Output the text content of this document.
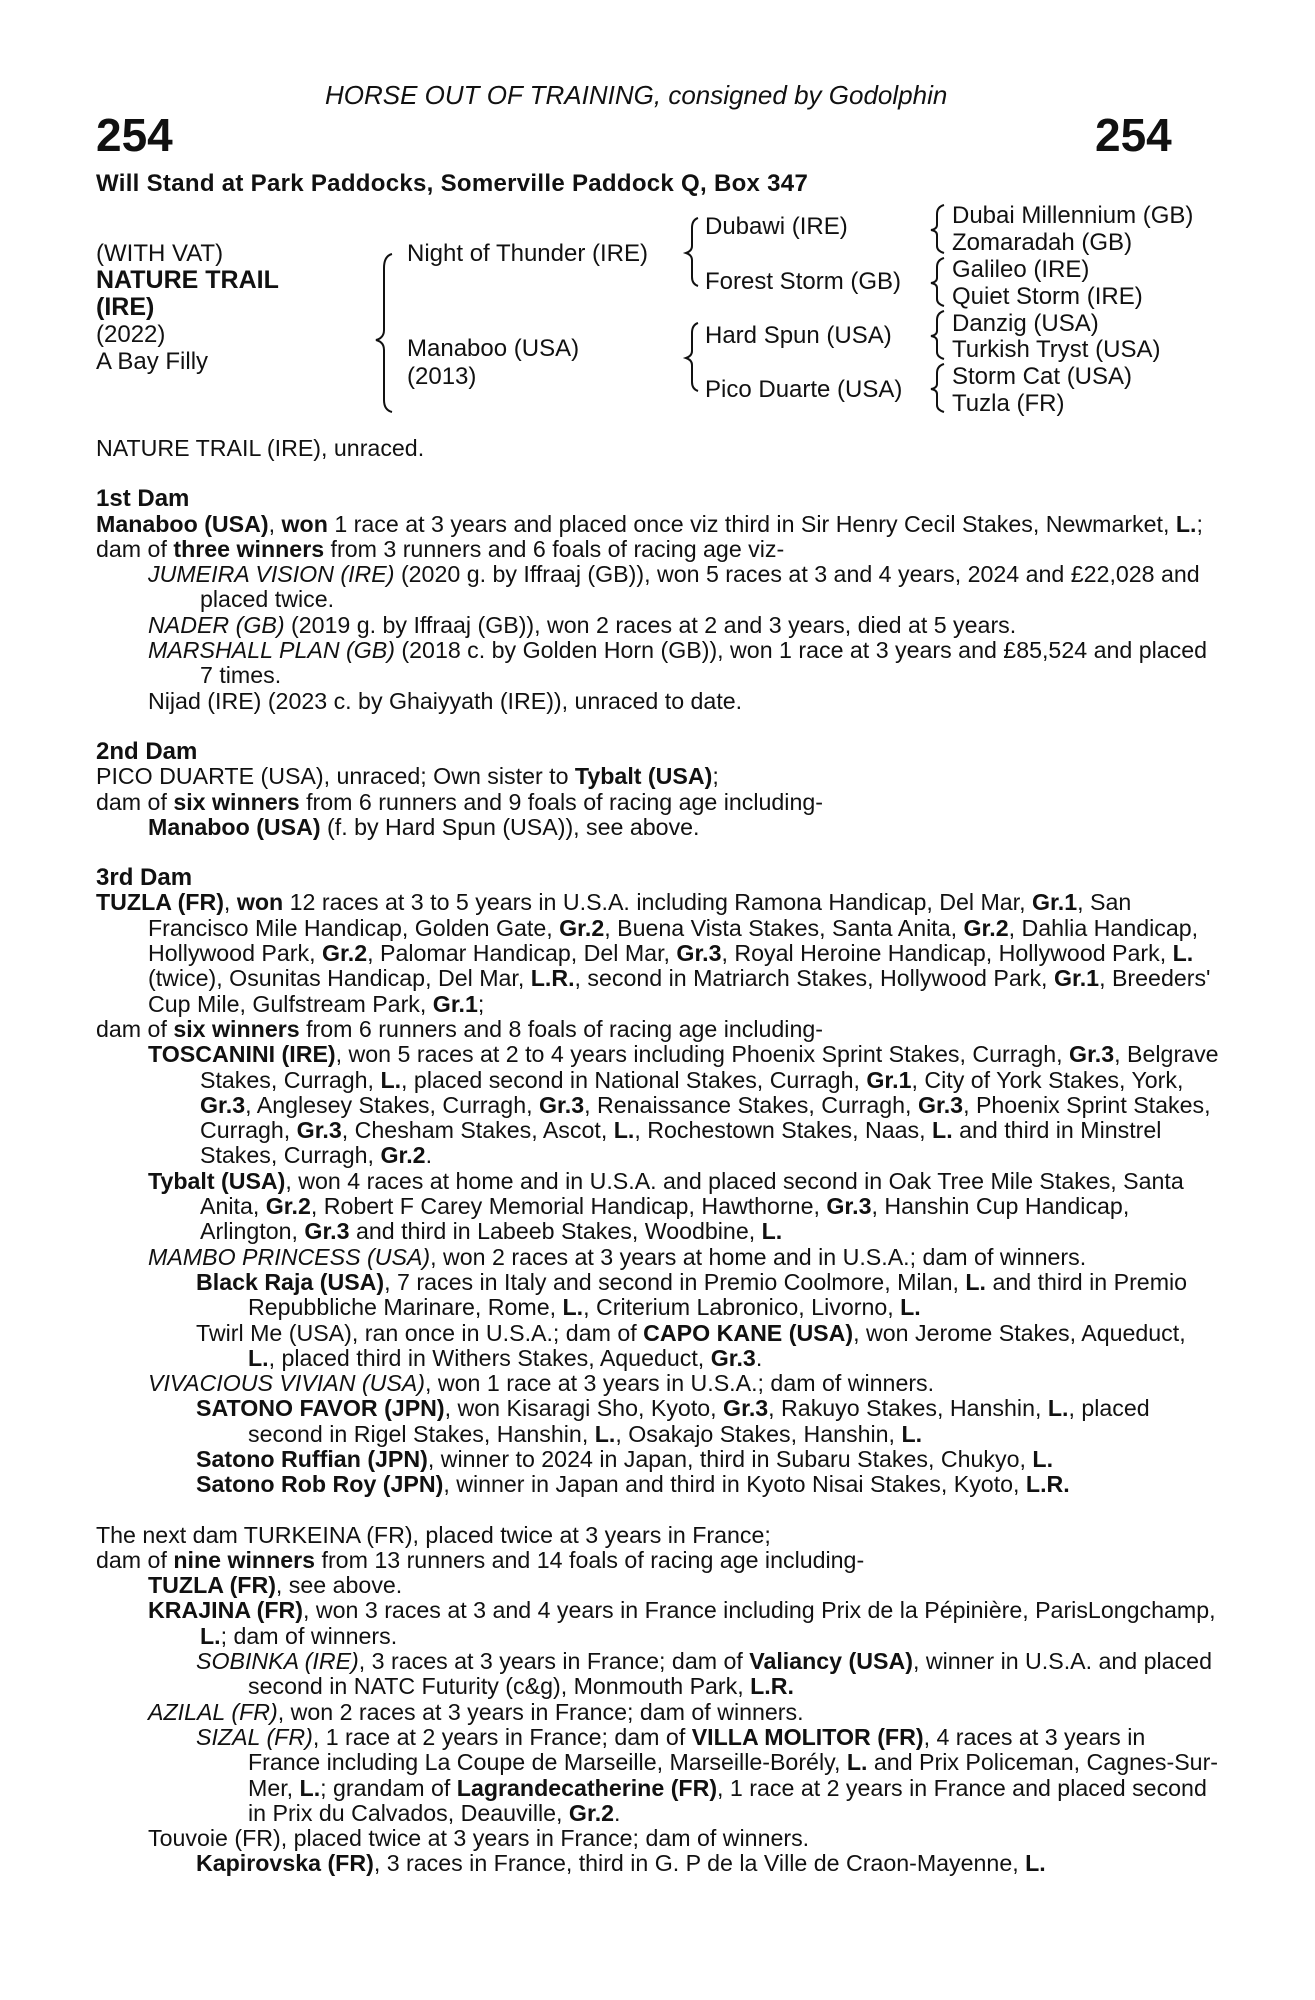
HORSE OUT OF TRAINING, consigned by Godolphin
254	254
Will Stand at Park Paddocks, Somerville Paddock Q, Box 347
(WITH VAT)
NATURE TRAIL
(IRE)
(2022)
A Bay Filly
Night of Thunder (IRE)
Manaboo (USA)
(2013)
Dubawi (IRE)
Forest Storm (GB)
Hard Spun (USA)
Pico Duarte (USA)
Dubai Millennium (GB)
Zomaradah (GB)
Galileo (IRE)
Quiet Storm (IRE)
Danzig (USA)
Turkish Tryst (USA)
Storm Cat (USA)
Tuzla (FR)

NATURE TRAIL (IRE), unraced.

1st Dam

Manaboo (USA), won 1 race at 3 years and placed once viz third in Sir Henry Cecil Stakes, Newmarket, L.;

dam of three winners from 3 runners and 6 foals of racing age viz-

JUMEIRA VISION (IRE) (2020 g. by Iffraaj (GB)), won 5 races at 3 and 4 years, 2024 and £22,028 and placed twice.

NADER (GB) (2019 g. by Iffraaj (GB)), won 2 races at 2 and 3 years, died at 5 years.

MARSHALL PLAN (GB) (2018 c. by Golden Horn (GB)), won 1 race at 3 years and £85,524 and placed 7 times.

Nijad (IRE) (2023 c. by Ghaiyyath (IRE)), unraced to date.

2nd Dam

PICO DUARTE (USA), unraced; Own sister to Tybalt (USA);

dam of six winners from 6 runners and 9 foals of racing age including-

Manaboo (USA) (f. by Hard Spun (USA)), see above.

3rd Dam

TUZLA (FR), won 12 races at 3 to 5 years in U.S.A. including Ramona Handicap, Del Mar, Gr.1, San Francisco Mile Handicap, Golden Gate, Gr.2, Buena Vista Stakes, Santa Anita, Gr.2, Dahlia Handicap, Hollywood Park, Gr.2, Palomar Handicap, Del Mar, Gr.3, Royal Heroine Handicap, Hollywood Park, L. (twice), Osunitas Handicap, Del Mar, L.R., second in Matriarch Stakes, Hollywood Park, Gr.1, Breeders' Cup Mile, Gulfstream Park, Gr.1;

dam of six winners from 6 runners and 8 foals of racing age including-

TOSCANINI (IRE), won 5 races at 2 to 4 years including Phoenix Sprint Stakes, Curragh, Gr.3, Belgrave Stakes, Curragh, L., placed second in National Stakes, Curragh, Gr.1, City of York Stakes, York, Gr.3, Anglesey Stakes, Curragh, Gr.3, Renaissance Stakes, Curragh, Gr.3, Phoenix Sprint Stakes, Curragh, Gr.3, Chesham Stakes, Ascot, L., Rochestown Stakes, Naas, L. and third in Minstrel Stakes, Curragh, Gr.2.

Tybalt (USA), won 4 races at home and in U.S.A. and placed second in Oak Tree Mile Stakes, Santa Anita, Gr.2, Robert F Carey Memorial Handicap, Hawthorne, Gr.3, Hanshin Cup Handicap, Arlington, Gr.3 and third in Labeeb Stakes, Woodbine, L.

MAMBO PRINCESS (USA), won 2 races at 3 years at home and in U.S.A.; dam of winners.

Black Raja (USA), 7 races in Italy and second in Premio Coolmore, Milan, L. and third in Premio Repubbliche Marinare, Rome, L., Criterium Labronico, Livorno, L.

Twirl Me (USA), ran once in U.S.A.; dam of CAPO KANE (USA), won Jerome Stakes, Aqueduct, L., placed third in Withers Stakes, Aqueduct, Gr.3.

VIVACIOUS VIVIAN (USA), won 1 race at 3 years in U.S.A.; dam of winners.

SATONO FAVOR (JPN), won Kisaragi Sho, Kyoto, Gr.3, Rakuyo Stakes, Hanshin, L., placed second in Rigel Stakes, Hanshin, L., Osakajo Stakes, Hanshin, L.

Satono Ruffian (JPN), winner to 2024 in Japan, third in Subaru Stakes, Chukyo, L.

Satono Rob Roy (JPN), winner in Japan and third in Kyoto Nisai Stakes, Kyoto, L.R.

The next dam TURKEINA (FR), placed twice at 3 years in France;

dam of nine winners from 13 runners and 14 foals of racing age including-

TUZLA (FR), see above.

KRAJINA (FR), won 3 races at 3 and 4 years in France including Prix de la Pépinière, ParisLongchamp, L.; dam of winners.

SOBINKA (IRE), 3 races at 3 years in France; dam of Valiancy (USA), winner in U.S.A. and placed second in NATC Futurity (c&g), Monmouth Park, L.R.

AZILAL (FR), won 2 races at 3 years in France; dam of winners.

SIZAL (FR), 1 race at 2 years in France; dam of VILLA MOLITOR (FR), 4 races at 3 years in France including La Coupe de Marseille, Marseille-Borély, L. and Prix Policeman, Cagnes-Sur-Mer, L.; grandam of Lagrandecatherine (FR), 1 race at 2 years in France and placed second in Prix du Calvados, Deauville, Gr.2.

Touvoie (FR), placed twice at 3 years in France; dam of winners.

Kapirovska (FR), 3 races in France, third in G. P de la Ville de Craon-Mayenne, L.
